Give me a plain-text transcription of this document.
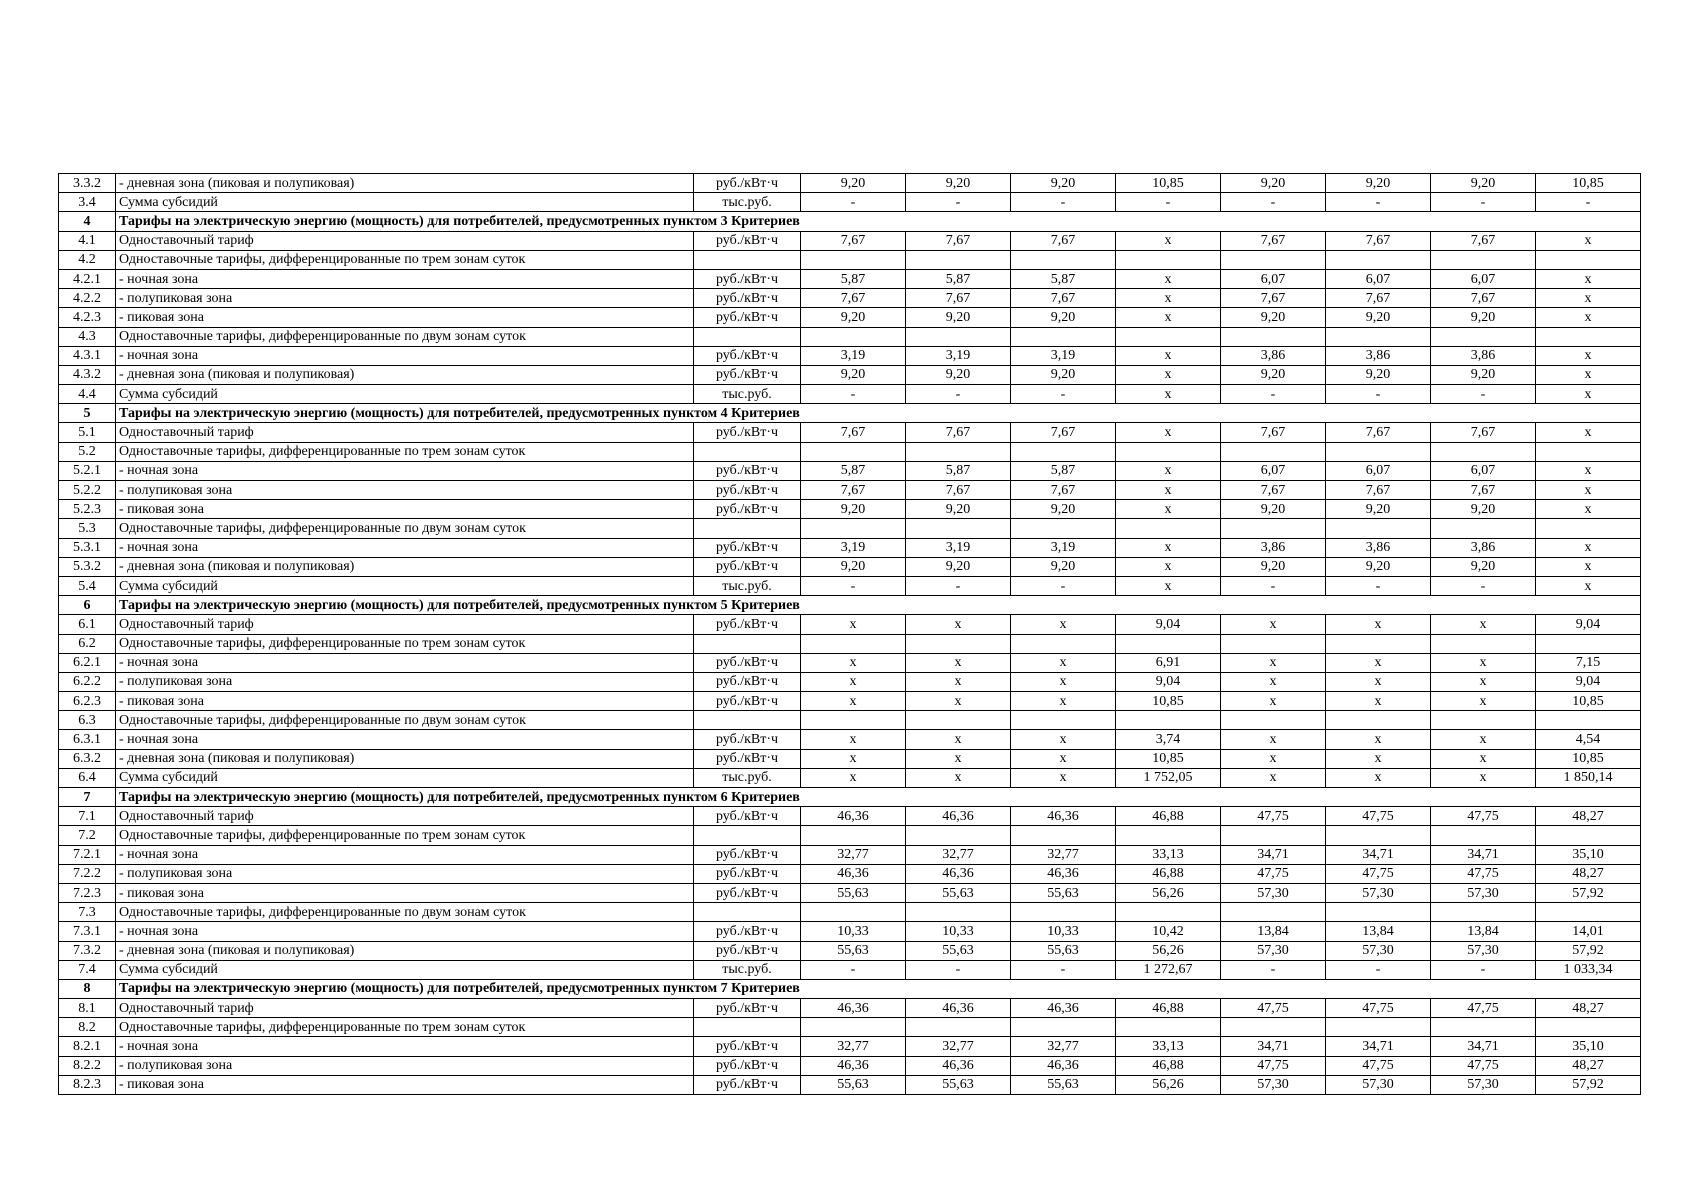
3.3.2	- дневная зона (пиковая и полупиковая)	руб./кВт·ч	9,20	9,20	9,20	10,85	9,20	9,20	9,20	10,85
3.4	Сумма субсидий	тыс.руб.	-	-	-	-	-	-	-	-
4	Тарифы на электрическую энергию (мощность) для потребителей, предусмотренных пунктом 3 Критериев									
4.1	Одноставочный тариф	руб./кВт·ч	7,67	7,67	7,67	x	7,67	7,67	7,67	x
4.2	Одноставочные тарифы, дифференцированные по трем зонам суток									
4.2.1	- ночная зона	руб./кВт·ч	5,87	5,87	5,87	x	6,07	6,07	6,07	x
4.2.2	- полупиковая зона	руб./кВт·ч	7,67	7,67	7,67	x	7,67	7,67	7,67	x
4.2.3	- пиковая зона	руб./кВт·ч	9,20	9,20	9,20	x	9,20	9,20	9,20	x
4.3	Одноставочные тарифы, дифференцированные по двум зонам суток									
4.3.1	- ночная зона	руб./кВт·ч	3,19	3,19	3,19	x	3,86	3,86	3,86	x
4.3.2	- дневная зона (пиковая и полупиковая)	руб./кВт·ч	9,20	9,20	9,20	x	9,20	9,20	9,20	x
4.4	Сумма субсидий	тыс.руб.	-	-	-	x	-	-	-	x
5	Тарифы на электрическую энергию (мощность) для потребителей, предусмотренных пунктом 4 Критериев									
5.1	Одноставочный тариф	руб./кВт·ч	7,67	7,67	7,67	x	7,67	7,67	7,67	x
5.2	Одноставочные тарифы, дифференцированные по трем зонам суток									
5.2.1	- ночная зона	руб./кВт·ч	5,87	5,87	5,87	x	6,07	6,07	6,07	x
5.2.2	- полупиковая зона	руб./кВт·ч	7,67	7,67	7,67	x	7,67	7,67	7,67	x
5.2.3	- пиковая зона	руб./кВт·ч	9,20	9,20	9,20	x	9,20	9,20	9,20	x
5.3	Одноставочные тарифы, дифференцированные по двум зонам суток									
5.3.1	- ночная зона	руб./кВт·ч	3,19	3,19	3,19	x	3,86	3,86	3,86	x
5.3.2	- дневная зона (пиковая и полупиковая)	руб./кВт·ч	9,20	9,20	9,20	x	9,20	9,20	9,20	x
5.4	Сумма субсидий	тыс.руб.	-	-	-	x	-	-	-	x
6	Тарифы на электрическую энергию (мощность) для потребителей, предусмотренных пунктом 5 Критериев									
6.1	Одноставочный тариф	руб./кВт·ч	x	x	x	9,04	x	x	x	9,04
6.2	Одноставочные тарифы, дифференцированные по трем зонам суток									
6.2.1	- ночная зона	руб./кВт·ч	x	x	x	6,91	x	x	x	7,15
6.2.2	- полупиковая зона	руб./кВт·ч	x	x	x	9,04	x	x	x	9,04
6.2.3	- пиковая зона	руб./кВт·ч	x	x	x	10,85	x	x	x	10,85
6.3	Одноставочные тарифы, дифференцированные по двум зонам суток									
6.3.1	- ночная зона	руб./кВт·ч	x	x	x	3,74	x	x	x	4,54
6.3.2	- дневная зона (пиковая и полупиковая)	руб./кВт·ч	x	x	x	10,85	x	x	x	10,85
6.4	Сумма субсидий	тыс.руб.	x	x	x	1 752,05	x	x	x	1 850,14
7	Тарифы на электрическую энергию (мощность) для потребителей, предусмотренных пунктом 6 Критериев									
7.1	Одноставочный тариф	руб./кВт·ч	46,36	46,36	46,36	46,88	47,75	47,75	47,75	48,27
7.2	Одноставочные тарифы, дифференцированные по трем зонам суток									
7.2.1	- ночная зона	руб./кВт·ч	32,77	32,77	32,77	33,13	34,71	34,71	34,71	35,10
7.2.2	- полупиковая зона	руб./кВт·ч	46,36	46,36	46,36	46,88	47,75	47,75	47,75	48,27
7.2.3	- пиковая зона	руб./кВт·ч	55,63	55,63	55,63	56,26	57,30	57,30	57,30	57,92
7.3	Одноставочные тарифы, дифференцированные по двум зонам суток									
7.3.1	- ночная зона	руб./кВт·ч	10,33	10,33	10,33	10,42	13,84	13,84	13,84	14,01
7.3.2	- дневная зона (пиковая и полупиковая)	руб./кВт·ч	55,63	55,63	55,63	56,26	57,30	57,30	57,30	57,92
7.4	Сумма субсидий	тыс.руб.	-	-	-	1 272,67	-	-	-	1 033,34
8	Тарифы на электрическую энергию (мощность) для потребителей, предусмотренных пунктом 7 Критериев									
8.1	Одноставочный тариф	руб./кВт·ч	46,36	46,36	46,36	46,88	47,75	47,75	47,75	48,27
8.2	Одноставочные тарифы, дифференцированные по трем зонам суток									
8.2.1	- ночная зона	руб./кВт·ч	32,77	32,77	32,77	33,13	34,71	34,71	34,71	35,10
8.2.2	- полупиковая зона	руб./кВт·ч	46,36	46,36	46,36	46,88	47,75	47,75	47,75	48,27
8.2.3	- пиковая зона	руб./кВт·ч	55,63	55,63	55,63	56,26	57,30	57,30	57,30	57,92
